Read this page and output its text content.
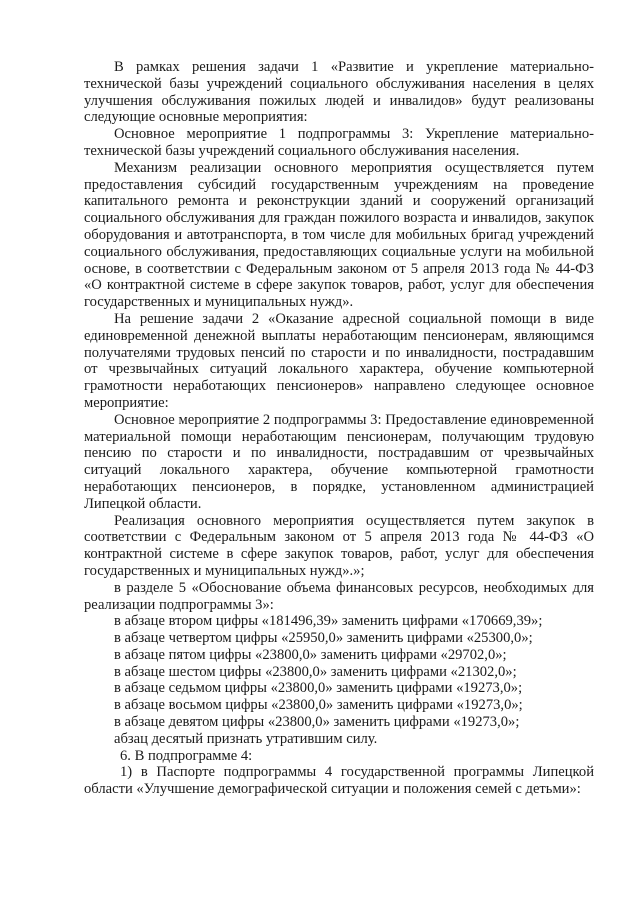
В рамках решения задачи 1 «Развитие и укрепление материально-технической базы учреждений социального обслуживания населения в целях улучшения обслуживания пожилых людей и инвалидов» будут реализованы следующие основные мероприятия:

Основное мероприятие 1 подпрограммы 3: Укрепление материально-технической базы учреждений социального обслуживания населения.

Механизм реализации основного мероприятия осуществляется путем предоставления субсидий государственным учреждениям на проведение капитального ремонта и реконструкции зданий и сооружений организаций социального обслуживания для граждан пожилого возраста и инвалидов, закупок оборудования и автотранспорта, в том числе для мобильных бригад учреждений социального обслуживания, предоставляющих социальные услуги на мобильной основе, в соответствии с Федеральным законом от 5 апреля 2013 года № 44-ФЗ «О контрактной системе в сфере закупок товаров, работ, услуг для обеспечения государственных и муниципальных нужд».

На решение задачи 2 «Оказание адресной социальной помощи в виде единовременной денежной выплаты неработающим пенсионерам, являющимся получателями трудовых пенсий по старости и по инвалидности, пострадавшим от чрезвычайных ситуаций локального характера, обучение компьютерной грамотности неработающих пенсионеров» направлено следующее основное мероприятие:

Основное мероприятие 2 подпрограммы 3: Предоставление единовременной материальной помощи неработающим пенсионерам, получающим трудовую пенсию по старости и по инвалидности, пострадавшим от чрезвычайных ситуаций локального характера, обучение компьютерной грамотности неработающих пенсионеров, в порядке, установленном администрацией Липецкой области.

Реализация основного мероприятия осуществляется путем закупок в соответствии с Федеральным законом от 5 апреля 2013 года № 44-ФЗ «О контрактной системе в сфере закупок товаров, работ, услуг для обеспечения государственных и муниципальных нужд».»;

в разделе 5 «Обоснование объема финансовых ресурсов, необходимых для реализации подпрограммы 3»:

в абзаце втором цифры «181496,39» заменить цифрами «170669,39»;

в абзаце четвертом цифры «25950,0» заменить цифрами «25300,0»;

в абзаце пятом цифры «23800,0» заменить цифрами «29702,0»;

в абзаце шестом цифры «23800,0» заменить цифрами «21302,0»;

в абзаце седьмом цифры «23800,0» заменить цифрами «19273,0»;

в абзаце восьмом цифры «23800,0» заменить цифрами «19273,0»;

в абзаце девятом цифры «23800,0» заменить цифрами «19273,0»;

абзац десятый признать утратившим силу.

6. В подпрограмме 4:

1) в Паспорте подпрограммы 4 государственной программы Липецкой области «Улучшение демографической ситуации и положения семей с детьми»:
